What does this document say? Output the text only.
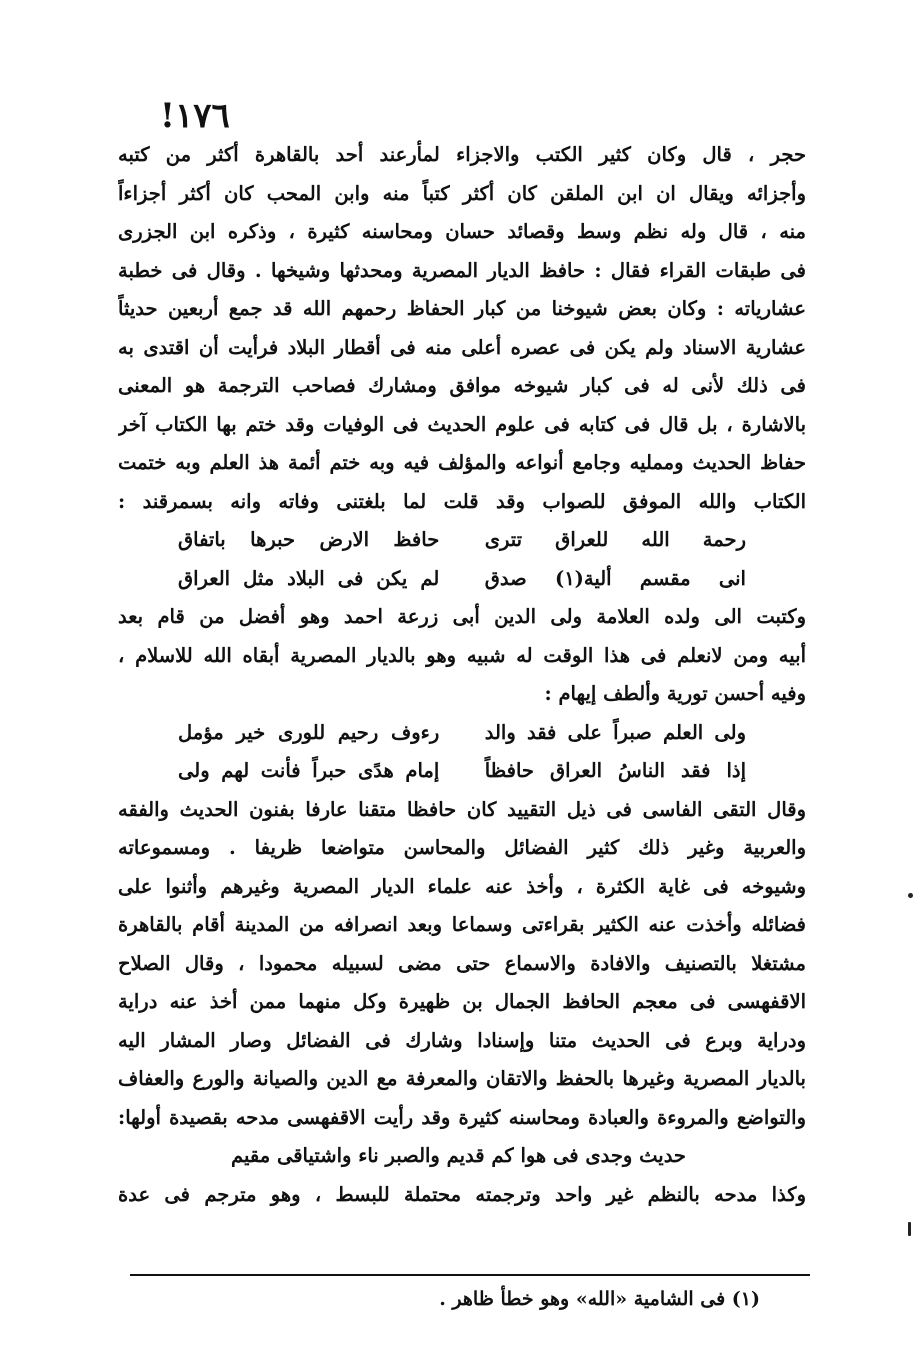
١٧٦!
حجر ، قال وكان كثير الكتب والاجزاء لمأرعند أحد بالقاهرة أكثر من كتبه
وأجزائه ويقال ان ابن الملقن كان أكثر كتباً منه وابن المحب كان أكثر أجزاءاً
منه ، قال وله نظم وسط وقصائد حسان ومحاسنه كثيرة ، وذكره ابن الجزرى
فى طبقات القراء فقال : حافظ الديار المصرية ومحدثها وشيخها . وقال فى خطبة
عشارياته : وكان بعض شيوخنا من كبار الحفاظ رحمهم الله قد جمع أربعين حديثاً
عشارية الاسناد ولم يكن فى عصره أعلى منه فى أقطار البلاد فرأيت أن اقتدى به
فى ذلك لأنى له فى كبار شيوخه موافق ومشارك فصاحب الترجمة هو المعنى
بالاشارة ، بل قال فى كتابه فى علوم الحديث فى الوفيات وقد ختم بها الكتاب آخر
حفاظ الحديث وممليه وجامع أنواعه والمؤلف فيه وبه ختم أئمة هذ العلم وبه ختمت
الكتاب والله الموفق للصواب وقد قلت لما بلغتنى وفاته وانه بسمرقند :
رحمة الله للعراق تترى
حافظ الارض حبرها باتفاق
انى مقسم ألية(١) صدق
لم يكن فى البلاد مثل العراق
وكتبت الى ولده العلامة ولى الدين أبى زرعة احمد وهو أفضل من قام بعد
أبيه ومن لانعلم فى هذا الوقت له شبيه وهو بالديار المصرية أبقاه الله للاسلام ،
وفيه أحسن تورية وألطف إيهام :
ولى العلم صبراً على فقد والد
رءوف رحيم للورى خير مؤمل
إذا فقد الناسُ العراق حافظاً
إمام هدًى حبراً فأنت لهم ولى
وقال التقى الفاسى فى ذيل التقييد كان حافظا متقنا عارفا بفنون الحديث والفقه
والعربية وغير ذلك كثير الفضائل والمحاسن متواضعا ظريفا . ومسموعاته
وشيوخه فى غاية الكثرة ، وأخذ عنه علماء الديار المصرية وغيرهم وأثنوا على
فضائله وأخذت عنه الكثير بقراءتى وسماعا وبعد انصرافه من المدينة أقام بالقاهرة
مشتغلا بالتصنيف والافادة والاسماع حتى مضى لسبيله محمودا ، وقال الصلاح
الاقفهسى فى معجم الحافظ الجمال بن ظهيرة وكل منهما ممن أخذ عنه دراية
ودراية وبرع فى الحديث متنا وإسنادا وشارك فى الفضائل وصار المشار اليه
بالديار المصرية وغيرها بالحفظ والاتقان والمعرفة مع الدين والصيانة والورع والعفاف
والتواضع والمروءة والعبادة ومحاسنه كثيرة وقد رأيت الاقفهسى مدحه بقصيدة أولها:
حديث وجدى فى هوا كم قديم والصبر ناء واشتياقى مقيم
وكذا مدحه بالنظم غير واحد وترجمته محتملة للبسط ، وهو مترجم فى عدة
(١) فى الشامية «الله» وهو خطأ ظاهر .
